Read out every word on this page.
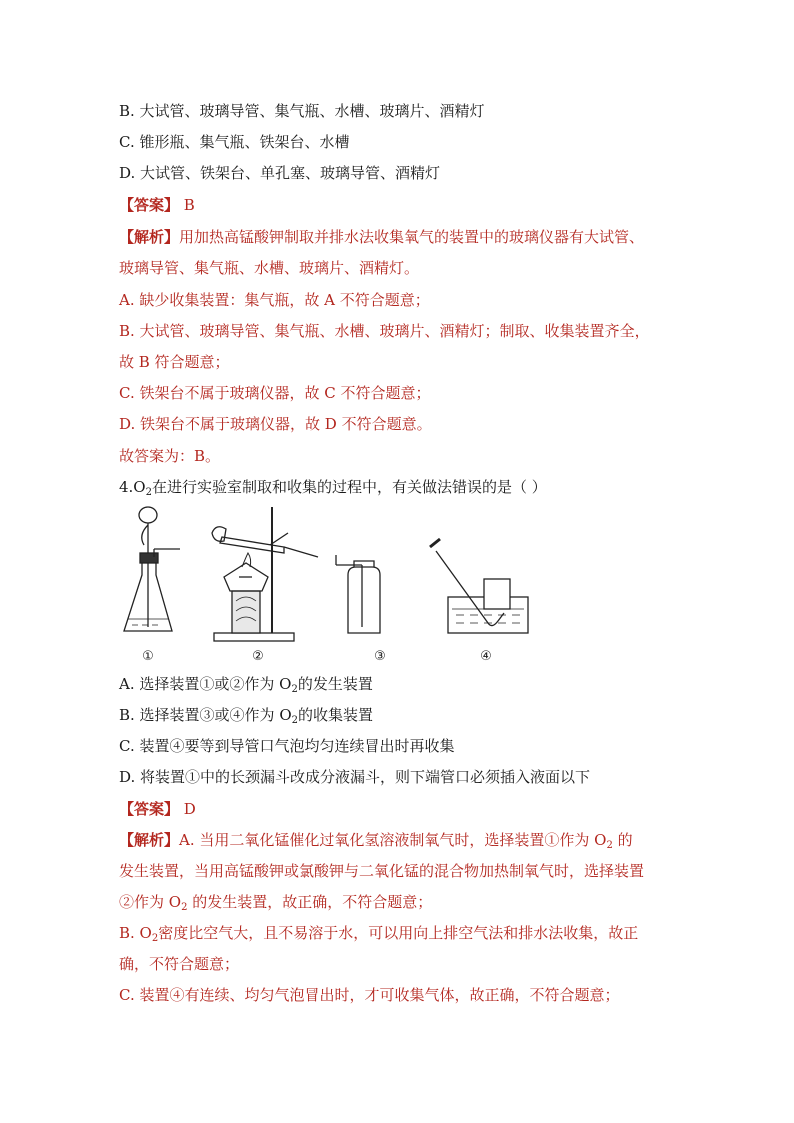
B. 大试管、玻璃导管、集气瓶、水槽、玻璃片、酒精灯
C. 锥形瓶、集气瓶、铁架台、水槽
D. 大试管、铁架台、单孔塞、玻璃导管、酒精灯
【答案】 B
【解析】用加热高锰酸钾制取并排水法收集氧气的装置中的玻璃仪器有大试管、
玻璃导管、集气瓶、水槽、玻璃片、酒精灯。
A. 缺少收集装置：集气瓶，故 A 不符合题意；
B. 大试管、玻璃导管、集气瓶、水槽、玻璃片、酒精灯；制取、收集装置齐全，
故 B 符合题意；
C. 铁架台不属于玻璃仪器，故 C 不符合题意；
D. 铁架台不属于玻璃仪器，故 D 不符合题意。
故答案为：B。
$4.O_2$在进行实验室制取和收集的过程中，有关做法错误的是（ ）
①	②	③	④
A. 选择装置①或②作为 $O_2$的发生装置
B. 选择装置③或④作为 $O_2$的收集装置
C. 装置④要等到导管口气泡均匀连续冒出时再收集
D. 将装置①中的长颈漏斗改成分液漏斗，则下端管口必须插入液面以下
【答案】 D
【解析】A. 当用二氧化锰催化过氧化氢溶液制氧气时，选择装置①作为 $O_2$ 的
发生装置，当用高锰酸钾或氯酸钾与二氧化锰的混合物加热制氧气时，选择装置
②作为 $O_2$ 的发生装置，故正确，不符合题意；
B. $O_2$密度比空气大，且不易溶于水，可以用向上排空气法和排水法收集，故正
确，不符合题意；
C. 装置④有连续、均匀气泡冒出时，才可收集气体，故正确，不符合题意；
